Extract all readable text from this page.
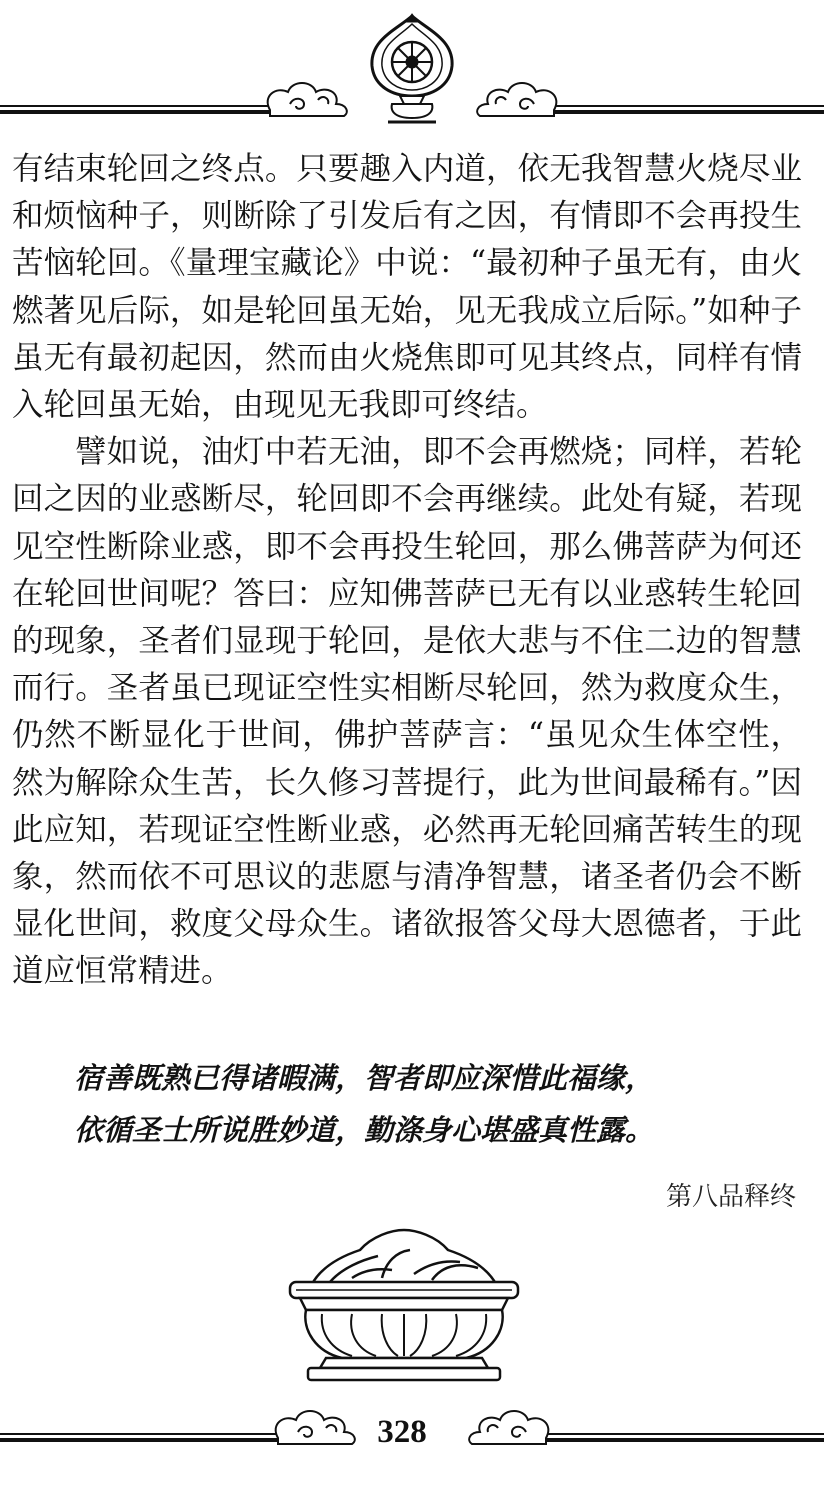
有结束轮回之终点。只要趣入内道，依无我智慧火烧尽业和烦恼种子，则断除了引发后有之因，有情即不会再投生苦恼轮回。《量理宝藏论》中说：“最初种子虽无有，由火燃著见后际，如是轮回虽无始，见无我成立后际。”如种子虽无有最初起因，然而由火烧焦即可见其终点，同样有情入轮回虽无始，由现见无我即可终结。

譬如说，油灯中若无油，即不会再燃烧；同样，若轮回之因的业惑断尽，轮回即不会再继续。此处有疑，若现见空性断除业惑，即不会再投生轮回，那么佛菩萨为何还在轮回世间呢？答曰：应知佛菩萨已无有以业惑转生轮回的现象，圣者们显现于轮回，是依大悲与不住二边的智慧而行。圣者虽已现证空性实相断尽轮回，然为救度众生，仍然不断显化于世间，佛护菩萨言：“虽见众生体空性，然为解除众生苦，长久修习菩提行，此为世间最稀有。”因此应知，若现证空性断业惑，必然再无轮回痛苦转生的现象，然而依不可思议的悲愿与清净智慧，诸圣者仍会不断显化世间，救度父母众生。诸欲报答父母大恩德者，于此道应恒常精进。

宿善既熟已得诸暇满，智者即应深惜此福缘，
依循圣士所说胜妙道，勤涤身心堪盛真性露。
第八品释终
328
